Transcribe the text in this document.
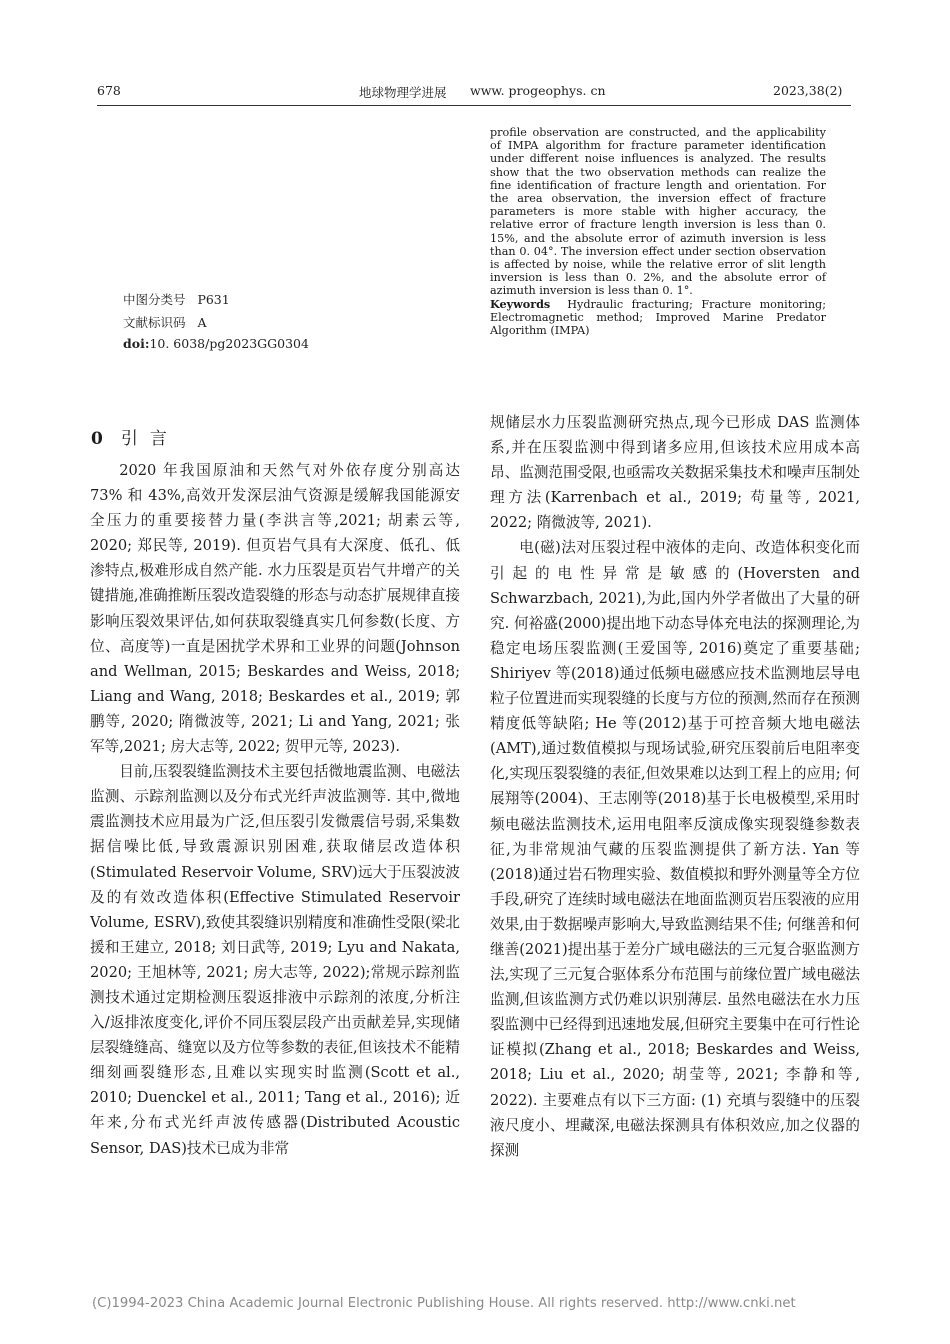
678	地球物理学进展 www. progeophys. cn	2023,38(2)

profile observation are constructed, and the applicability of IMPA algorithm for fracture parameter identification under different noise influences is analyzed. The results show that the two observation methods can realize the fine identification of fracture length and orientation. For the area observation, the inversion effect of fracture parameters is more stable with higher accuracy, the relative error of fracture length inversion is less than 0. 15%, and the absolute error of azimuth inversion is less than 0. 04°. The inversion effect under section observation is affected by noise, while the relative error of slit length inversion is less than 0. 2%, and the absolute error of azimuth inversion is less than 0. 1°.

Keywords Hydraulic fracturing; Fracture monitoring; Electromagnetic method; Improved Marine Predator Algorithm (IMPA)

中图分类号 P631
文献标识码 A
doi:10. 6038/pg2023GG0304
0 引言

2020 年我国原油和天然气对外依存度分别高达 73% 和 43%,高效开发深层油气资源是缓解我国能源安全压力的重要接替力量(李洪言等,2021; 胡素云等, 2020; 郑民等, 2019). 但页岩气具有大深度、低孔、低渗特点,极难形成自然产能. 水力压裂是页岩气井增产的关键措施,准确推断压裂改造裂缝的形态与动态扩展规律直接影响压裂效果评估,如何获取裂缝真实几何参数(长度、方位、高度等)一直是困扰学术界和工业界的问题(Johnson and Wellman, 2015; Beskardes and Weiss, 2018; Liang and Wang, 2018; Beskardes et al., 2019; 郭鹏等, 2020; 隋微波等, 2021; Li and Yang, 2021; 张军等,2021; 房大志等, 2022; 贺甲元等, 2023).

目前,压裂裂缝监测技术主要包括微地震监测、电磁法监测、示踪剂监测以及分布式光纤声波监测等. 其中,微地震监测技术应用最为广泛,但压裂引发微震信号弱,采集数据信噪比低,导致震源识别困难,获取储层改造体积(Stimulated Reservoir Volume, SRV)远大于压裂波波及的有效改造体积(Effective Stimulated Reservoir Volume, ESRV),致使其裂缝识别精度和准确性受限(梁北援和王建立, 2018; 刘日武等, 2019; Lyu and Nakata, 2020; 王旭林等, 2021; 房大志等, 2022);常规示踪剂监测技术通过定期检测压裂返排液中示踪剂的浓度,分析注入/返排浓度变化,评价不同压裂层段产出贡献差异,实现储层裂缝缝高、缝宽以及方位等参数的表征,但该技术不能精细刻画裂缝形态,且难以实现实时监测(Scott et al., 2010; Duenckel et al., 2011; Tang et al., 2016); 近年来,分布式光纤声波传感器(Distributed Acoustic Sensor, DAS)技术已成为非常

规储层水力压裂监测研究热点,现今已形成 DAS 监测体系,并在压裂监测中得到诸多应用,但该技术应用成本高昂、监测范围受限,也亟需攻关数据采集技术和噪声压制处理方法(Karrenbach et al., 2019; 苟量等, 2021, 2022; 隋微波等, 2021).

电(磁)法对压裂过程中液体的走向、改造体积变化而引起的电性异常是敏感的(Hoversten and Schwarzbach, 2021),为此,国内外学者做出了大量的研究. 何裕盛(2000)提出地下动态导体充电法的探测理论,为稳定电场压裂监测(王爱国等, 2016)奠定了重要基础; Shiriyev 等(2018)通过低频电磁感应技术监测地层导电粒子位置进而实现裂缝的长度与方位的预测,然而存在预测精度低等缺陷; He 等(2012)基于可控音频大地电磁法(AMT),通过数值模拟与现场试验,研究压裂前后电阻率变化,实现压裂裂缝的表征,但效果难以达到工程上的应用; 何展翔等(2004)、王志刚等(2018)基于长电极模型,采用时频电磁法监测技术,运用电阻率反演成像实现裂缝参数表征,为非常规油气藏的压裂监测提供了新方法. Yan 等(2018)通过岩石物理实验、数值模拟和野外测量等全方位手段,研究了连续时域电磁法在地面监测页岩压裂液的应用效果,由于数据噪声影响大,导致监测结果不佳; 何继善和何继善(2021)提出基于差分广域电磁法的三元复合驱监测方法,实现了三元复合驱体系分布范围与前缘位置广域电磁法监测,但该监测方式仍难以识别薄层. 虽然电磁法在水力压裂监测中已经得到迅速地发展,但研究主要集中在可行性论证模拟(Zhang et al., 2018; Beskardes and Weiss, 2018; Liu et al., 2020; 胡莹等, 2021; 李静和等, 2022). 主要难点有以下三方面: (1) 充填与裂缝中的压裂液尺度小、埋藏深,电磁法探测具有体积效应,加之仪器的探测

(C)1994-2023 China Academic Journal Electronic Publishing House. All rights reserved. http://www.cnki.net
